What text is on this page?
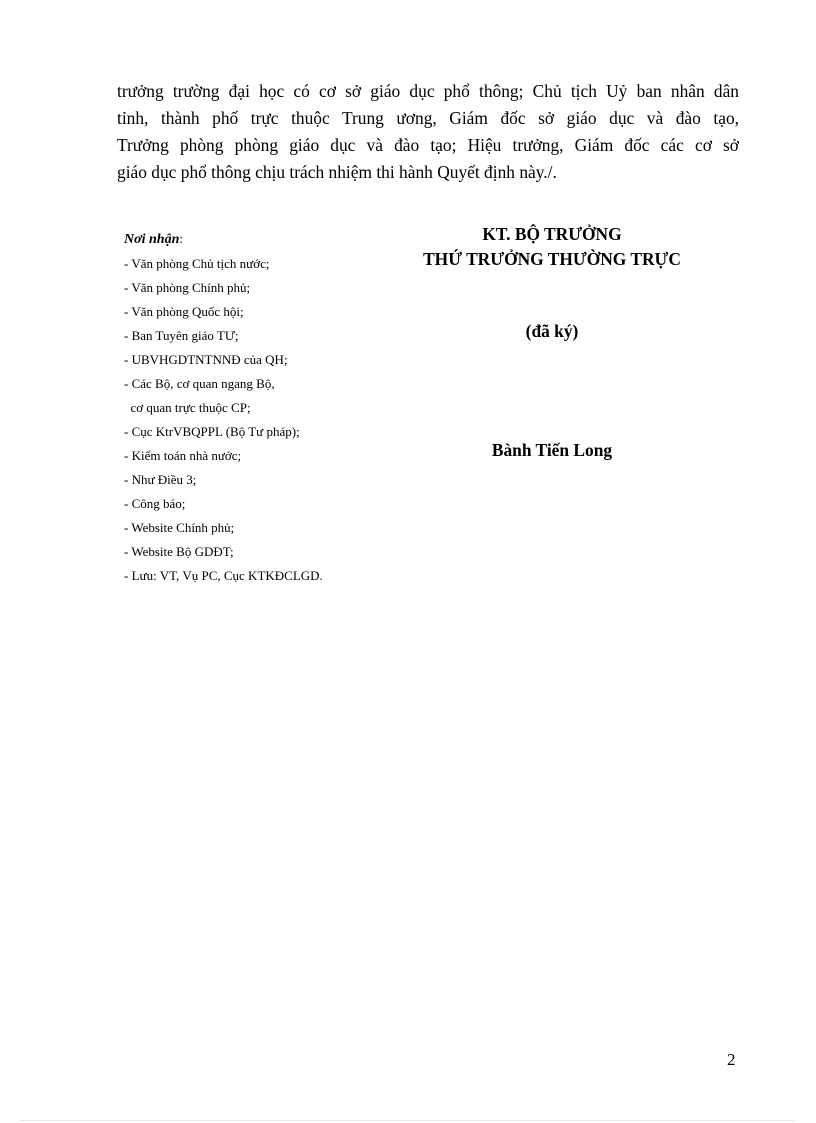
trưởng trường đại học có cơ sở giáo dục phổ thông; Chủ tịch Uỷ ban nhân dân
tỉnh, thành phố trực thuộc Trung ương, Giám đốc sở giáo dục và đào tạo,
Trưởng phòng phòng giáo dục và đào tạo; Hiệu trưởng, Giám đốc các cơ sở
giáo dục phổ thông chịu trách nhiệm thi hành Quyết định này./.
Nơi nhận:
- Văn phòng Chủ tịch nước;
- Văn phòng Chính phủ;
- Văn phòng Quốc hội;
- Ban Tuyên giáo TƯ;
- UBVHGDTNTNNĐ của QH;
- Các Bộ, cơ quan ngang Bộ,
cơ quan trực thuộc CP;
- Cục KtrVBQPPL (Bộ Tư pháp);
- Kiểm toán nhà nước;
- Như Điều 3;
- Công báo;
- Website Chính phủ;
- Website Bộ GDĐT;
- Lưu: VT, Vụ PC, Cục KTKĐCLGD.
KT. BỘ TRƯỞNG
THỨ TRƯỞNG THƯỜNG TRỰC
(đã ký)
Bành Tiến Long
2
